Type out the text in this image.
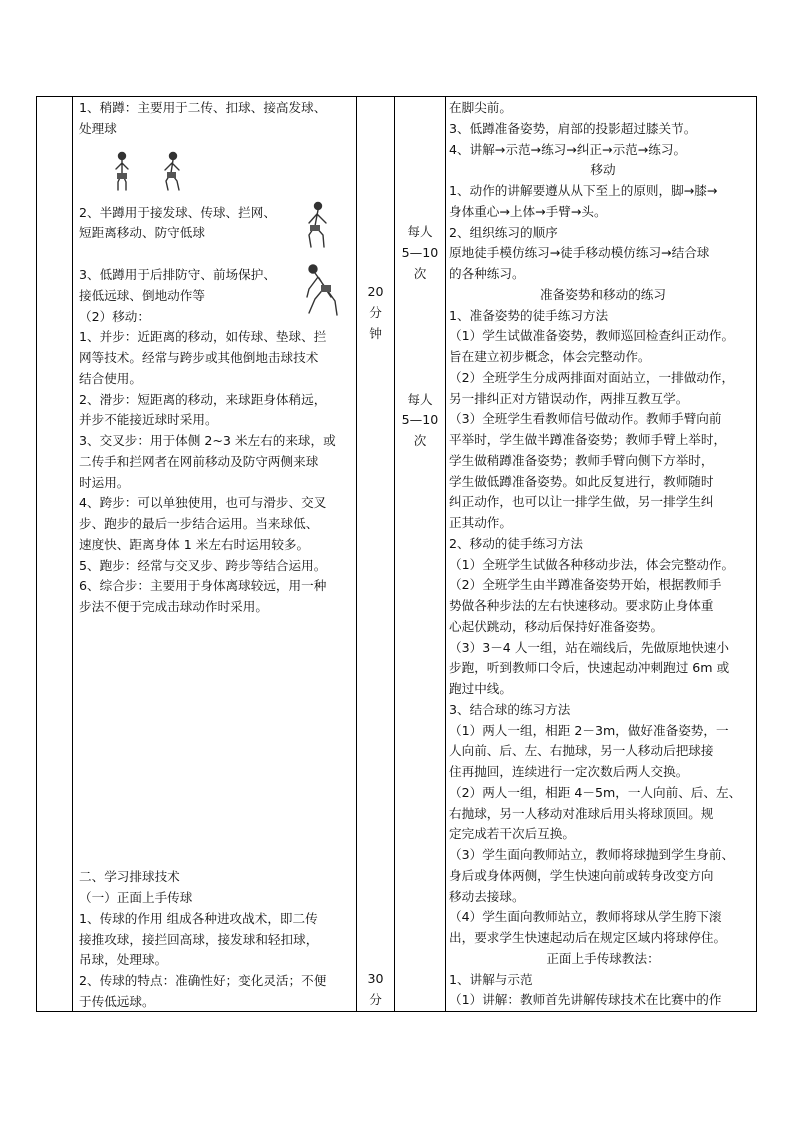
1、稍蹲：主要用于二传、扣球、接高发球、
处理球
2、半蹲用于接发球、传球、拦网、
短距离移动、防守低球
3、低蹲用于后排防守、前场保护、
接低远球、倒地动作等
（2）移动：
1、并步：近距离的移动，如传球、垫球、拦
网等技术。经常与跨步或其他倒地击球技术
结合使用。
2、滑步：短距离的移动，来球距身体稍远，
并步不能接近球时采用。
3、交叉步：用于体侧 2~3 米左右的来球，或
二传手和拦网者在网前移动及防守两侧来球
时运用。
4、跨步：可以单独使用，也可与滑步、交叉
步、跑步的最后一步结合运用。当来球低、
速度快、距离身体 1 米左右时运用较多。
5、跑步：经常与交叉步、跨步等结合运用。
6、综合步：主要用于身体离球较远，用一种
步法不便于完成击球动作时采用。
二、学习排球技术
（一）正面上手传球
1、传球的作用 组成各种进攻战术，即二传
接推攻球，接拦回高球，接发球和轻扣球，
吊球，处理球。
2、传球的特点：准确性好；变化灵活；不便
于传低远球。
20
分
钟
30
分
每人
5—10
次
每人
5—10
次
在脚尖前。
3、低蹲准备姿势，肩部的投影超过膝关节。
4、讲解→示范→练习→纠正→示范→练习。
移动
1、动作的讲解要遵从从下至上的原则，脚→膝→
身体重心→上体→手臂→头。
2、组织练习的顺序
原地徒手模仿练习→徒手移动模仿练习→结合球
的各种练习。
准备姿势和移动的练习
1、准备姿势的徒手练习方法
（1）学生试做准备姿势，教师巡回检查纠正动作。
旨在建立初步概念，体会完整动作。
（2）全班学生分成两排面对面站立，一排做动作，
另一排纠正对方错误动作，两排互教互学。
（3）全班学生看教师信号做动作。教师手臂向前
平举时，学生做半蹲准备姿势；教师手臂上举时，
学生做稍蹲准备姿势；教师手臂向侧下方举时，
学生做低蹲准备姿势。如此反复进行，教师随时
纠正动作，也可以让一排学生做，另一排学生纠
正其动作。
2、移动的徒手练习方法
（1）全班学生试做各种移动步法，体会完整动作。
（2）全班学生由半蹲准备姿势开始，根据教师手
势做各种步法的左右快速移动。要求防止身体重
心起伏跳动，移动后保持好准备姿势。
（3）3－4 人一组，站在端线后，先做原地快速小
步跑，听到教师口令后，快速起动冲刺跑过 6m 或
跑过中线。
3、结合球的练习方法
（1）两人一组，相距 2－3m，做好准备姿势，一
人向前、后、左、右抛球，另一人移动后把球接
住再抛回，连续进行一定次数后两人交换。
（2）两人一组，相距 4－5m，一人向前、后、左、
右抛球，另一人移动对准球后用头将球顶回。规
定完成若干次后互换。
（3）学生面向教师站立，教师将球抛到学生身前、
身后或身体两侧，学生快速向前或转身改变方向
移动去接球。
（4）学生面向教师站立，教师将球从学生胯下滚
出，要求学生快速起动后在规定区域内将球停住。
正面上手传球教法：
1、讲解与示范
（1）讲解：教师首先讲解传球技术在比赛中的作
